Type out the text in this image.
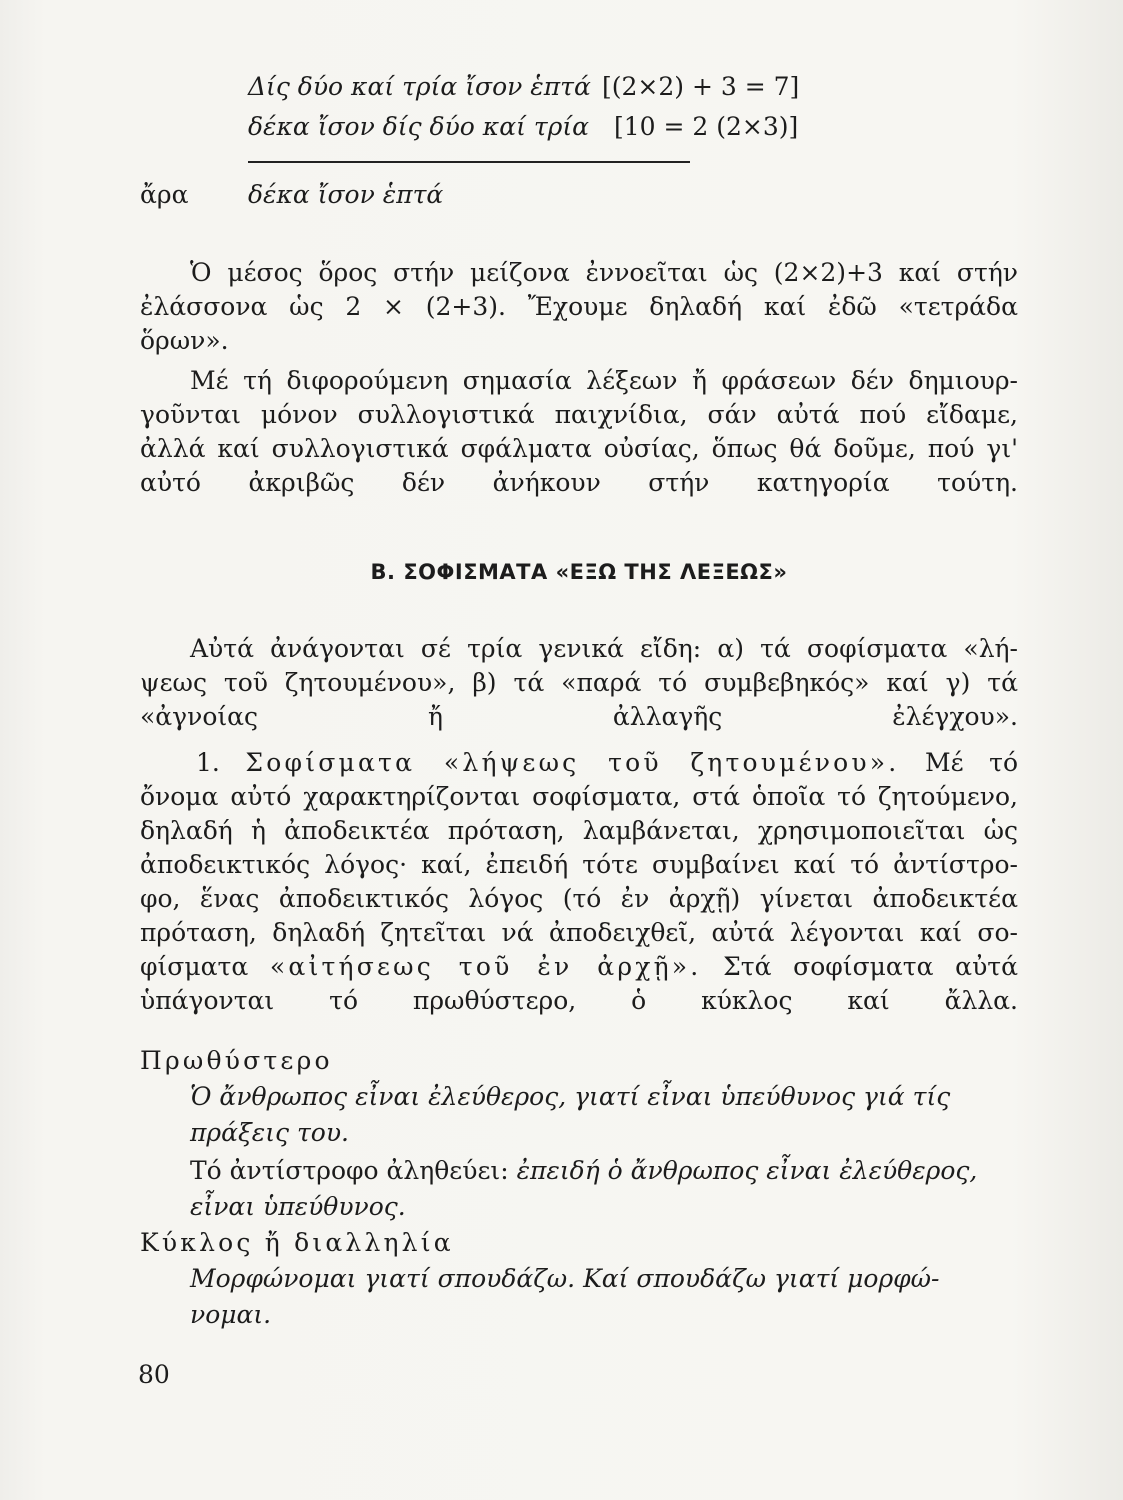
Δίς δύο καί τρία ἴσον ἑπτά [(2×2) + 3 = 7]
δέκα ἴσον δίς δύο καί τρία [10 = 2 (2×3)]
ἄρα δέκα ἴσον ἑπτά
Ὁ μέσος ὅρος στήν μείζονα ἐννοεῖται ὡς (2×2)+3 καί στήν
ἐλάσσονα ὡς 2 × (2+3). Ἔχουμε δηλαδή καί ἐδῶ «τετράδα
ὅρων».
Μέ τή διφορούμενη σημασία λέξεων ἤ φράσεων δέν δημιουρ-
γοῦνται μόνον συλλογιστικά παιχνίδια, σάν αὐτά πού εἴδαμε,
ἀλλά καί συλλογιστικά σφάλματα οὐσίας, ὅπως θά δοῦμε, πού γι'
αὐτό ἀκριβῶς δέν ἀνήκουν στήν κατηγορία τούτη.
Β. ΣΟΦΙΣΜΑΤΑ «ΕΞΩ ΤΗΣ ΛΕΞΕΩΣ»
Αὐτά ἀνάγονται σέ τρία γενικά εἴδη: α) τά σοφίσματα «λή-
ψεως τοῦ ζητουμένου», β) τά «παρά τό συμβεβηκός» καί γ) τά
«ἀγνοίας ἤ ἀλλαγῆς ἐλέγχου».
1. Σοφίσματα «λήψεως τοῦ ζητουμένου». Μέ τό
ὄνομα αὐτό χαρακτηρίζονται σοφίσματα, στά ὁποῖα τό ζητούμενο,
δηλαδή ἡ ἀποδεικτέα πρόταση, λαμβάνεται, χρησιμοποιεῖται ὡς
ἀποδεικτικός λόγος· καί, ἐπειδή τότε συμβαίνει καί τό ἀντίστρο-
φο, ἕνας ἀποδεικτικός λόγος (τό ἐν ἀρχῇ) γίνεται ἀποδεικτέα
πρόταση, δηλαδή ζητεῖται νά ἀποδειχθεῖ, αὐτά λέγονται καί σο-
φίσματα «αἰτήσεως τοῦ ἐν ἀρχῇ». Στά σοφίσματα αὐτά
ὑπάγονται τό πρωθύστερο, ὁ κύκλος καί ἄλλα.
Πρωθύστερο
Ὁ ἄνθρωπος εἶναι ἐλεύθερος, γιατί εἶναι ὑπεύθυνος γιά τίς
πράξεις του.
Τό ἀντίστροφο ἀληθεύει: ἐπειδή ὁ ἄνθρωπος εἶναι ἐλεύθερος,
εἶναι ὑπεύθυνος.
Κύκλος ἤ διαλληλία
Μορφώνομαι γιατί σπουδάζω. Καί σπουδάζω γιατί μορφώ-
νομαι.
80
